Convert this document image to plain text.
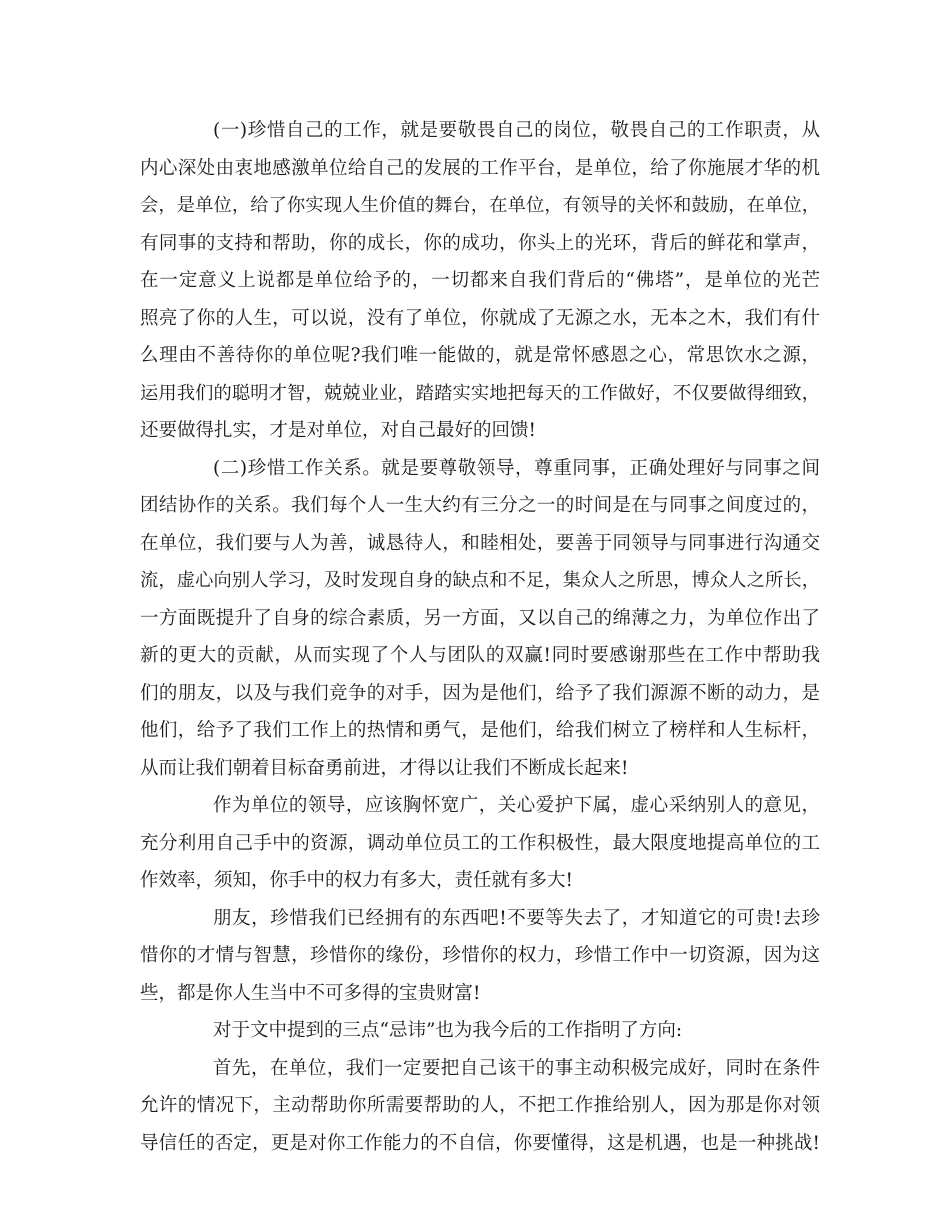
(一)珍惜自己的工作，就是要敬畏自己的岗位，敬畏自己的工作职责，从
内心深处由衷地感激单位给自己的发展的工作平台，是单位，给了你施展才华的机
会，是单位，给了你实现人生价值的舞台，在单位，有领导的关怀和鼓励，在单位，
有同事的支持和帮助，你的成长，你的成功，你头上的光环，背后的鲜花和掌声，
在一定意义上说都是单位给予的，一切都来自我们背后的“佛塔”，是单位的光芒
照亮了你的人生，可以说，没有了单位，你就成了无源之水，无本之木，我们有什
么理由不善待你的单位呢?我们唯一能做的，就是常怀感恩之心，常思饮水之源，
运用我们的聪明才智，兢兢业业，踏踏实实地把每天的工作做好，不仅要做得细致，
还要做得扎实，才是对单位，对自己最好的回馈!
(二)珍惜工作关系。就是要尊敬领导，尊重同事，正确处理好与同事之间
团结协作的关系。我们每个人一生大约有三分之一的时间是在与同事之间度过的，
在单位，我们要与人为善，诚恳待人，和睦相处，要善于同领导与同事进行沟通交
流，虚心向别人学习，及时发现自身的缺点和不足，集众人之所思，博众人之所长，
一方面既提升了自身的综合素质，另一方面，又以自己的绵薄之力，为单位作出了
新的更大的贡献，从而实现了个人与团队的双赢!同时要感谢那些在工作中帮助我
们的朋友，以及与我们竞争的对手，因为是他们，给予了我们源源不断的动力，是
他们，给予了我们工作上的热情和勇气，是他们，给我们树立了榜样和人生标杆，
从而让我们朝着目标奋勇前进，才得以让我们不断成长起来!
作为单位的领导，应该胸怀宽广，关心爱护下属，虚心采纳别人的意见，
充分利用自己手中的资源，调动单位员工的工作积极性，最大限度地提高单位的工
作效率，须知，你手中的权力有多大，责任就有多大!
朋友，珍惜我们已经拥有的东西吧!不要等失去了，才知道它的可贵!去珍
惜你的才情与智慧，珍惜你的缘份，珍惜你的权力，珍惜工作中一切资源，因为这
些，都是你人生当中不可多得的宝贵财富!
对于文中提到的三点“忌讳”也为我今后的工作指明了方向:
首先，在单位，我们一定要把自己该干的事主动积极完成好，同时在条件
允许的情况下，主动帮助你所需要帮助的人，不把工作推给别人，因为那是你对领
导信任的否定，更是对你工作能力的不自信，你要懂得，这是机遇，也是一种挑战!
